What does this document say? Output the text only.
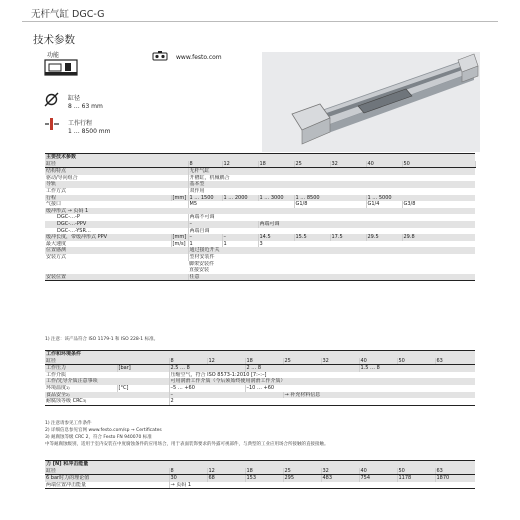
无杆气缸 DGC-G
技术参数
功能
缸径
8 … 63 mm
工作行程
1 … 8500 mm
www.festo.com
主要技术参数									
缸径		8	12	18	25	32	40	50	
结构特点		无杆气缸							
驱动/导向组合		开槽缸，机械耦合							
导轨		基本型							
工作方式		双作用							
行程	[mm]	1 … 1500	1 … 2000	1 … 3000	1 … 8500		1 … 5000		
气接口		M5			G1/8		G1/4	G3/8	
缓冲形式 → 页码 1									
DGC-…-P		两端不可调							
DGC-…-PPV		–		两端可调					
DGC-…-YSR…		两端自调							
缓冲长度，带缓冲形式 PPV	[mm]	–	–	14.5	15.5	17.5	29.5	29.8	
最大速度	[m/s]	1	1	3					
位置感测		通过接近开关							
安装方式		型材安装件							
		脚架安装件							
		直接安装							
安装位置		任意							
1) 注意：该产品符合 ISO 1179-1 和 ISO 228-1 标准。
工作和环境条件									
缸径		8	12	18	25	32	40	50	63
工作压力	[bar]	2.5 … 8		2 … 8			1.5 … 8		
工作介质		压缩空气，符合 ISO 8573-1:2010 [7:–:–]							
工作/先导介质注意事项		可用润滑工作介质（今后须始终使用润滑工作介质）							
环境温度$^{1)}$	[°C]	–5 … +60		–10 … +60					
食品安全$^{2)}$		–			→ 补充材料信息				
耐腐蚀等级 CRC$^{3)}$		2							
1) 注意请参见工作条件
2) 详细信息参见官网 www.festo.com/sp → Certificates
3) 耐腐蚀等级 CRC 2，符合 Festo FN 940070 标准
中等耐腐蚀级别，适用于室内安装在中度腐蚀条件的应用场合，用于表面装饰要求的外露可视部件，与典型的工业应用场合所接触的直接接触。
力 [N] 和冲击能量								
缸径	8	12	18	25	32	40	50	63
6 bar时力的理论值	30	68	153	295	483	754	1178	1870
两端位置冲击能量	→ 页码 1							
